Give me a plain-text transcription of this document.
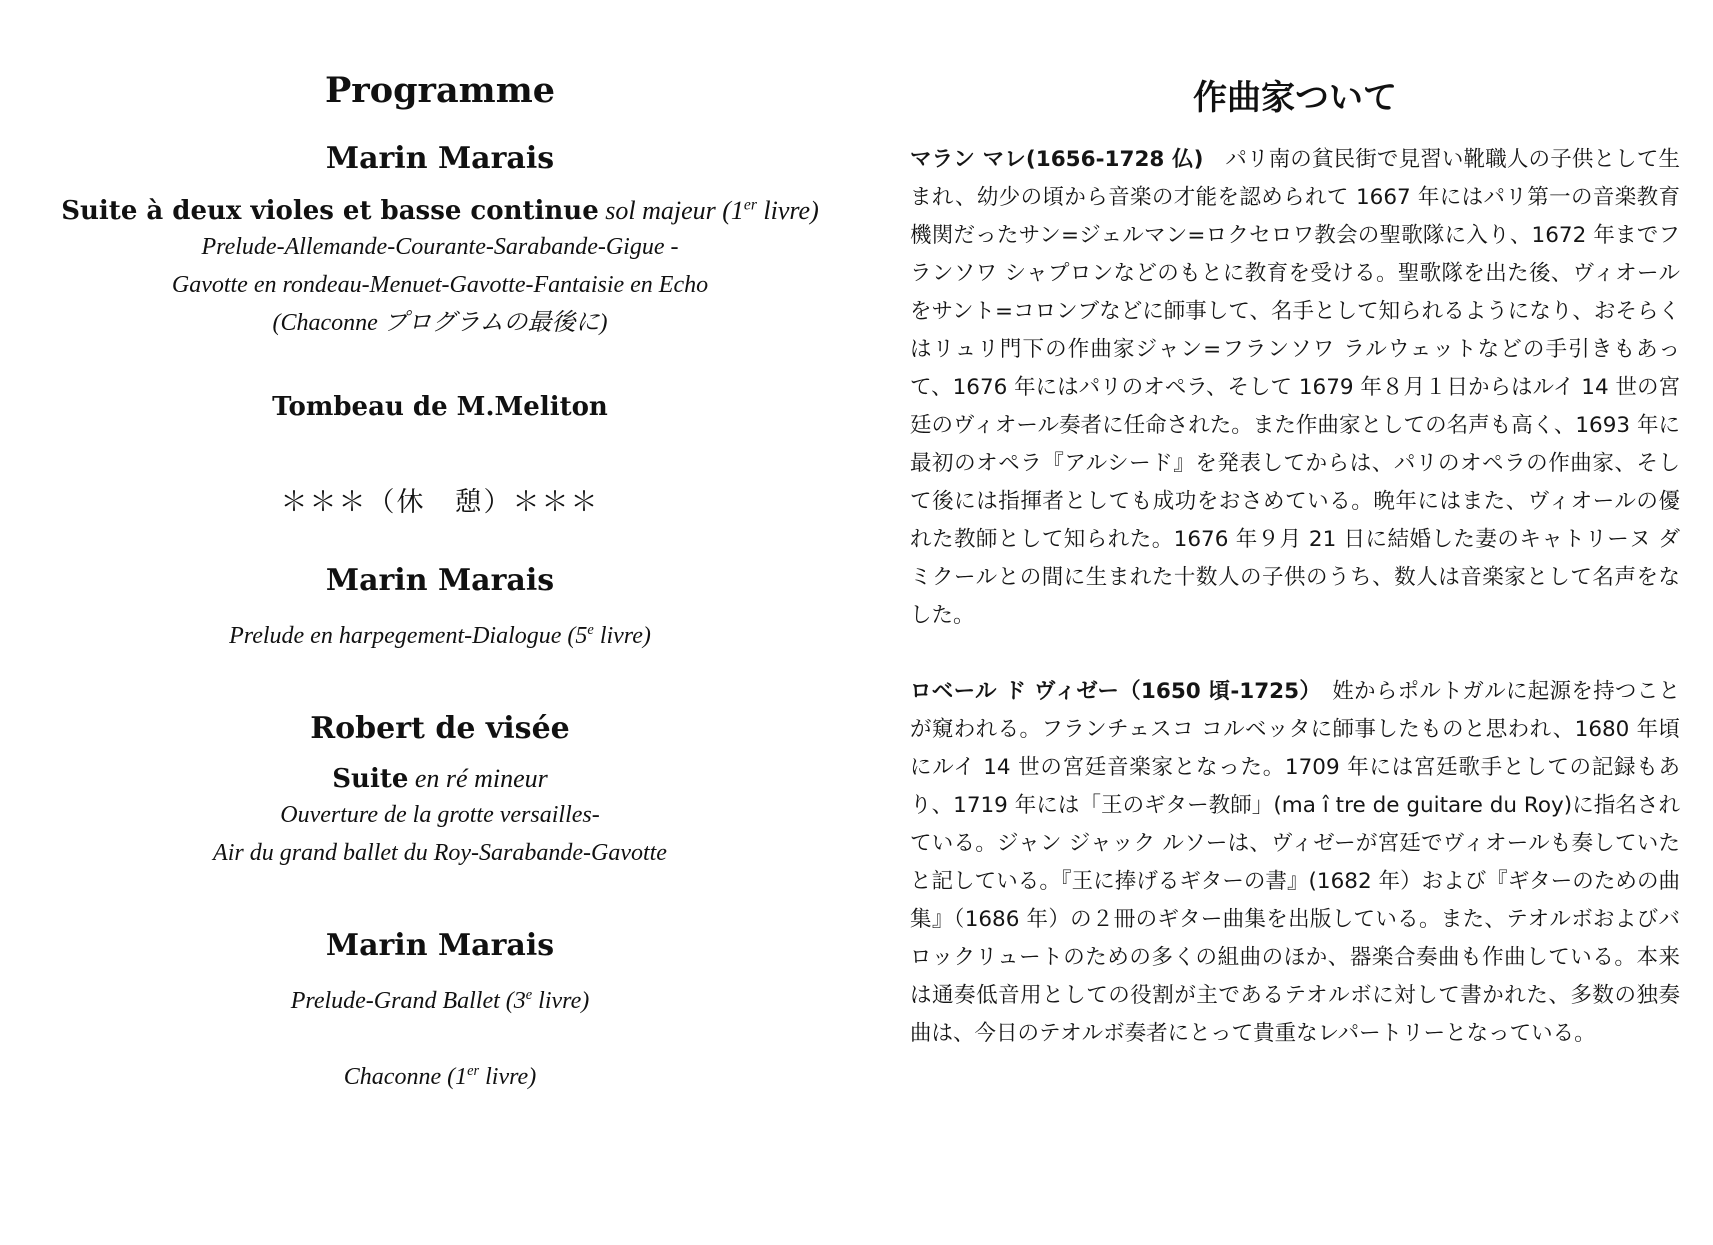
Programme

Marin Marais

Suite à deux violes et basse continue sol majeur (1er livre)

Prelude-Allemande-Courante-Sarabande-Gigue -

Gavotte en rondeau-Menuet-Gavotte-Fantaisie en Echo

(Chaconne プログラムの最後に)

Tombeau de M.Meliton

＊＊＊（休　憩）＊＊＊

Marin Marais

Prelude en harpegement-Dialogue (5e livre)

Robert de visée

Suite en ré mineur

Ouverture de la grotte versailles-

Air du grand ballet du Roy-Sarabande-Gavotte

Marin Marais

Prelude-Grand Ballet (3e livre)

Chaconne (1er livre)

作曲家ついて

マラン マレ(1656-1728 仏)　パリ南の貧民街で見習い靴職人の子供として生まれ、幼少の頃から音楽の才能を認められて 1667 年にはパリ第一の音楽教育機関だったサン=ジェルマン=ロクセロワ教会の聖歌隊に入り、1672 年までフランソワ シャプロンなどのもとに教育を受ける。聖歌隊を出た後、ヴィオールをサント=コロンブなどに師事して、名手として知られるようになり、おそらくはリュリ門下の作曲家ジャン=フランソワ ラルウェットなどの手引きもあって、1676 年にはパリのオペラ、そして 1679 年８月１日からはルイ 14 世の宮廷のヴィオール奏者に任命された。また作曲家としての名声も高く、1693 年に最初のオペラ『アルシード』を発表してからは、パリのオペラの作曲家、そして後には指揮者としても成功をおさめている。晩年にはまた、ヴィオールの優れた教師として知られた。1676 年９月 21 日に結婚した妻のキャトリーヌ ダミクールとの間に生まれた十数人の子供のうち、数人は音楽家として名声をなした。

ロベール ド ヴィゼー（1650 頃-1725）　姓からポルトガルに起源を持つことが窺われる。フランチェスコ コルベッタに師事したものと思われ、1680 年頃にルイ 14 世の宮廷音楽家となった。1709 年には宮廷歌手としての記録もあり、1719 年には「王のギター教師」(ma î tre de guitare du Roy)に指名されている。ジャン ジャック ルソーは、ヴィゼーが宮廷でヴィオールも奏していたと記している。『王に捧げるギターの書』(1682 年）および『ギターのための曲集』（1686 年）の２冊のギター曲集を出版している。また、テオルボおよびバロックリュートのための多くの組曲のほか、器楽合奏曲も作曲している。本来は通奏低音用としての役割が主であるテオルボに対して書かれた、多数の独奏曲は、今日のテオルボ奏者にとって貴重なレパートリーとなっている。
